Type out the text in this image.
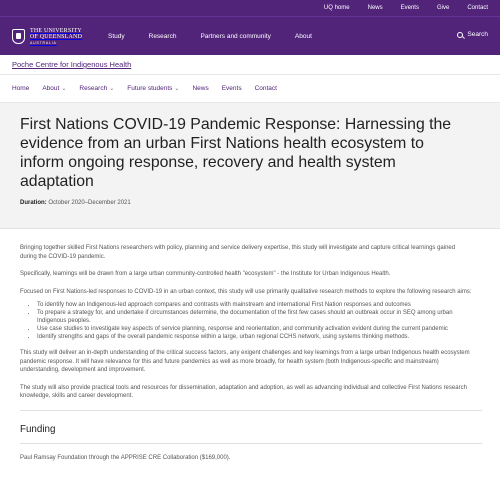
UQ home	News	Events	Give	Contact
THE UNIVERSITY
OF QUEENSLAND
AUSTRALIA
Study	Research	Partners and community	About	Search
Poche Centre for Indigenous Health
Home About ⌄ Research ⌄ Future students ⌄ News Events Contact
First Nations COVID-19 Pandemic Response: Harnessing the evidence from an urban First Nations health ecosystem to inform ongoing response, recovery and health system adaptation
Duration: October 2020–December 2021

Bringing together skilled First Nations researchers with policy, planning and service delivery expertise, this study will investigate and capture critical learnings gained during the COVID-19 pandemic.

Specifically, learnings will be drawn from a large urban community-controlled health "ecosystem" - the Institute for Urban Indigenous Health.

Focused on First Nations-led responses to COVID-19 in an urban context, this study will use primarily qualitative research methods to explore the following research aims:

• To identify how an Indigenous-led approach compares and contrasts with mainstream and international First Nation responses and outcomes
• To prepare a strategy for, and undertake if circumstances determine, the documentation of the first few cases should an outbreak occur in SEQ among urban Indigenous peoples.
• Use case studies to investigate key aspects of service planning, response and reorientation, and community activation evident during the current pandemic
• Identify strengths and gaps of the overall pandemic response within a large, urban regional CCHS network, using systems thinking methods.

This study will deliver an in-depth understanding of the critical success factors, any exigent challenges and key learnings from a large urban Indigenous health ecosystem pandemic response. It will have relevance for this and future pandemics as well as more broadly, for health system (both Indigenous-specific and mainstream) understanding, development and improvement.

The study will also provide practical tools and resources for dissemination, adaptation and adoption, as well as advancing individual and collective First Nations research knowledge, skills and career development.

Funding

Paul Ramsay Foundation through the APPRISE CRE Collaboration ($169,000).
